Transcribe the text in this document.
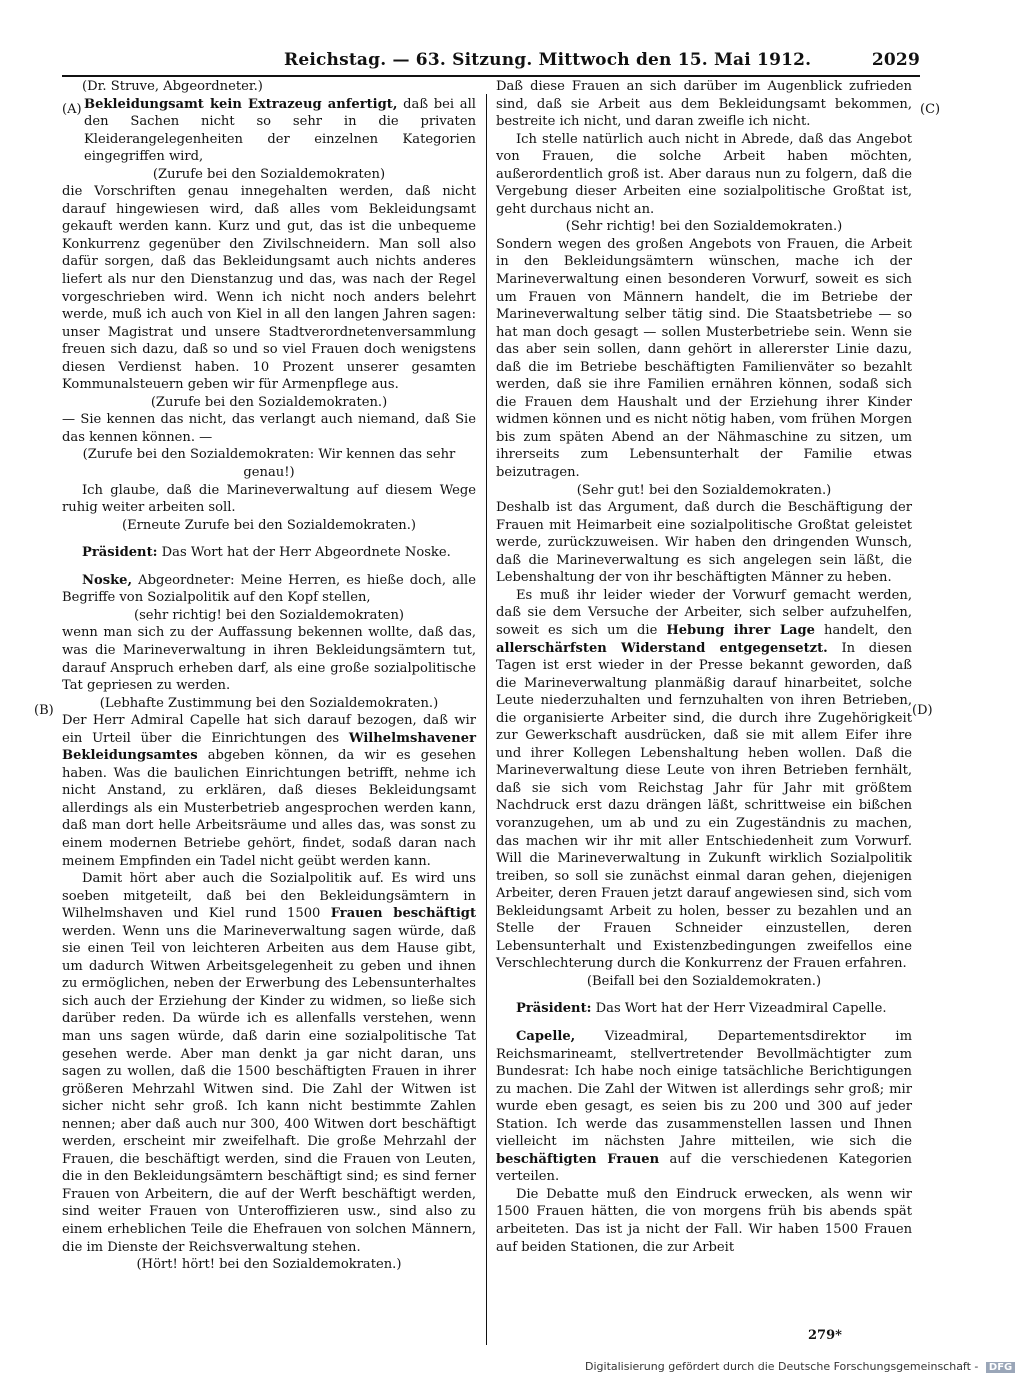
Reichstag. — 63. Sitzung. Mittwoch den 15. Mai 1912.	2029
(A)
(B)
(C)
(D)

(Dr. Struve, Abgeordneter.)

Bekleidungsamt kein Extrazeug anfertigt, daß bei all den Sachen nicht so sehr in die privaten Kleiderangelegenheiten der einzelnen Kategorien eingegriffen wird,

(Zurufe bei den Sozialdemokraten)

die Vorschriften genau innegehalten werden, daß nicht darauf hingewiesen wird, daß alles vom Bekleidungsamt gekauft werden kann. Kurz und gut, das ist die unbequeme Konkurrenz gegenüber den Zivilschneidern. Man soll also dafür sorgen, daß das Bekleidungsamt auch nichts anderes liefert als nur den Dienstanzug und das, was nach der Regel vorgeschrieben wird. Wenn ich nicht noch anders belehrt werde, muß ich auch von Kiel in all den langen Jahren sagen: unser Magistrat und unsere Stadtverordnetenversammlung freuen sich dazu, daß so und so viel Frauen doch wenigstens diesen Verdienst haben. 10 Prozent unserer gesamten Kommunalsteuern geben wir für Armenpflege aus.

(Zurufe bei den Sozialdemokraten.)

— Sie kennen das nicht, das verlangt auch niemand, daß Sie das kennen können. —

(Zurufe bei den Sozialdemokraten: Wir kennen das sehr genau!)

Ich glaube, daß die Marineverwaltung auf diesem Wege ruhig weiter arbeiten soll.

(Erneute Zurufe bei den Sozialdemokraten.)

Präsident: Das Wort hat der Herr Abgeordnete Noske.

Noske, Abgeordneter: Meine Herren, es hieße doch, alle Begriffe von Sozialpolitik auf den Kopf stellen,

(sehr richtig! bei den Sozialdemokraten)

wenn man sich zu der Auffassung bekennen wollte, daß das, was die Marineverwaltung in ihren Bekleidungsämtern tut, darauf Anspruch erheben darf, als eine große sozialpolitische Tat gepriesen zu werden.

(Lebhafte Zustimmung bei den Sozialdemokraten.)

Der Herr Admiral Capelle hat sich darauf bezogen, daß wir ein Urteil über die Einrichtungen des Wilhelmshavener Bekleidungsamtes abgeben können, da wir es gesehen haben. Was die baulichen Einrichtungen betrifft, nehme ich nicht Anstand, zu erklären, daß dieses Bekleidungsamt allerdings als ein Musterbetrieb angesprochen werden kann, daß man dort helle Arbeitsräume und alles das, was sonst zu einem modernen Betriebe gehört, findet, sodaß daran nach meinem Empfinden ein Tadel nicht geübt werden kann.

Damit hört aber auch die Sozialpolitik auf. Es wird uns soeben mitgeteilt, daß bei den Bekleidungsämtern in Wilhelmshaven und Kiel rund 1500 Frauen beschäftigt werden. Wenn uns die Marineverwaltung sagen würde, daß sie einen Teil von leichteren Arbeiten aus dem Hause gibt, um dadurch Witwen Arbeitsgelegenheit zu geben und ihnen zu ermöglichen, neben der Erwerbung des Lebensunterhaltes sich auch der Erziehung der Kinder zu widmen, so ließe sich darüber reden. Da würde ich es allenfalls verstehen, wenn man uns sagen würde, daß darin eine sozialpolitische Tat gesehen werde. Aber man denkt ja gar nicht daran, uns sagen zu wollen, daß die 1500 beschäftigten Frauen in ihrer größeren Mehrzahl Witwen sind. Die Zahl der Witwen ist sicher nicht sehr groß. Ich kann nicht bestimmte Zahlen nennen; aber daß auch nur 300, 400 Witwen dort beschäftigt werden, erscheint mir zweifelhaft. Die große Mehrzahl der Frauen, die beschäftigt werden, sind die Frauen von Leuten, die in den Bekleidungsämtern beschäftigt sind; es sind ferner Frauen von Arbeitern, die auf der Werft beschäftigt werden, sind weiter Frauen von Unteroffizieren usw., sind also zu einem erheblichen Teile die Ehefrauen von solchen Männern, die im Dienste der Reichsverwaltung stehen.

(Hört! hört! bei den Sozialdemokraten.)

Daß diese Frauen an sich darüber im Augenblick zufrieden sind, daß sie Arbeit aus dem Bekleidungsamt bekommen, bestreite ich nicht, und daran zweifle ich nicht.

Ich stelle natürlich auch nicht in Abrede, daß das Angebot von Frauen, die solche Arbeit haben möchten, außerordentlich groß ist. Aber daraus nun zu folgern, daß die Vergebung dieser Arbeiten eine sozialpolitische Großtat ist, geht durchaus nicht an.

(Sehr richtig! bei den Sozialdemokraten.)

Sondern wegen des großen Angebots von Frauen, die Arbeit in den Bekleidungsämtern wünschen, mache ich der Marineverwaltung einen besonderen Vorwurf, soweit es sich um Frauen von Männern handelt, die im Betriebe der Marineverwaltung selber tätig sind. Die Staatsbetriebe — so hat man doch gesagt — sollen Musterbetriebe sein. Wenn sie das aber sein sollen, dann gehört in allererster Linie dazu, daß die im Betriebe beschäftigten Familienväter so bezahlt werden, daß sie ihre Familien ernähren können, sodaß sich die Frauen dem Haushalt und der Erziehung ihrer Kinder widmen können und es nicht nötig haben, vom frühen Morgen bis zum späten Abend an der Nähmaschine zu sitzen, um ihrerseits zum Lebensunterhalt der Familie etwas beizutragen.

(Sehr gut! bei den Sozialdemokraten.)

Deshalb ist das Argument, daß durch die Beschäftigung der Frauen mit Heimarbeit eine sozialpolitische Großtat geleistet werde, zurückzuweisen. Wir haben den dringenden Wunsch, daß die Marineverwaltung es sich angelegen sein läßt, die Lebenshaltung der von ihr beschäftigten Männer zu heben.

Es muß ihr leider wieder der Vorwurf gemacht werden, daß sie dem Versuche der Arbeiter, sich selber aufzuhelfen, soweit es sich um die Hebung ihrer Lage handelt, den allerschärfsten Widerstand entgegensetzt. In diesen Tagen ist erst wieder in der Presse bekannt geworden, daß die Marineverwaltung planmäßig darauf hinarbeitet, solche Leute niederzuhalten und fernzuhalten von ihren Betrieben, die organisierte Arbeiter sind, die durch ihre Zugehörigkeit zur Gewerkschaft ausdrücken, daß sie mit allem Eifer ihre und ihrer Kollegen Lebenshaltung heben wollen. Daß die Marineverwaltung diese Leute von ihren Betrieben fernhält, daß sie sich vom Reichstag Jahr für Jahr mit größtem Nachdruck erst dazu drängen läßt, schrittweise ein bißchen voranzugehen, um ab und zu ein Zugeständnis zu machen, das machen wir ihr mit aller Entschiedenheit zum Vorwurf. Will die Marineverwaltung in Zukunft wirklich Sozialpolitik treiben, so soll sie zunächst einmal daran gehen, diejenigen Arbeiter, deren Frauen jetzt darauf angewiesen sind, sich vom Bekleidungsamt Arbeit zu holen, besser zu bezahlen und an Stelle der Frauen Schneider einzustellen, deren Lebensunterhalt und Existenzbedingungen zweifellos eine Verschlechterung durch die Konkurrenz der Frauen erfahren.

(Beifall bei den Sozialdemokraten.)

Präsident: Das Wort hat der Herr Vizeadmiral Capelle.

Capelle, Vizeadmiral, Departementsdirektor im Reichsmarineamt, stellvertretender Bevollmächtigter zum Bundesrat: Ich habe noch einige tatsächliche Berichtigungen zu machen. Die Zahl der Witwen ist allerdings sehr groß; mir wurde eben gesagt, es seien bis zu 200 und 300 auf jeder Station. Ich werde das zusammenstellen lassen und Ihnen vielleicht im nächsten Jahre mitteilen, wie sich die beschäftigten Frauen auf die verschiedenen Kategorien verteilen.

Die Debatte muß den Eindruck erwecken, als wenn wir 1500 Frauen hätten, die von morgens früh bis abends spät arbeiteten. Das ist ja nicht der Fall. Wir haben 1500 Frauen auf beiden Stationen, die zur Arbeit

279*
Digitalisierung gefördert durch die Deutsche Forschungsgemeinschaft - DFG
